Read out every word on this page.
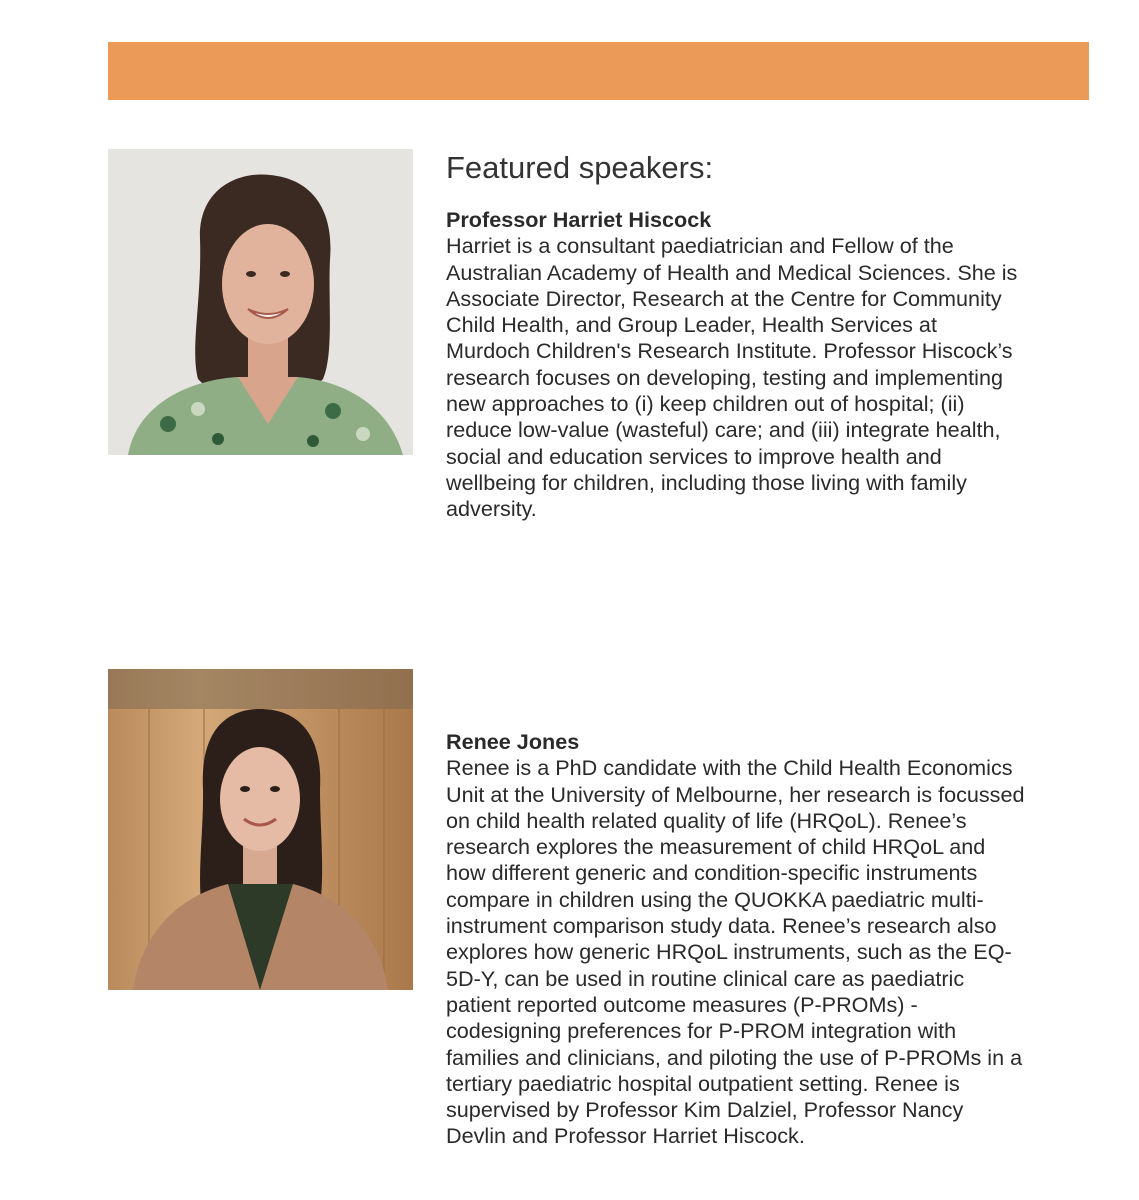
Featured speakers:
Professor Harriet Hiscock
Harriet is a consultant paediatrician and Fellow of the
Australian Academy of Health and Medical Sciences. She is
Associate Director, Research at the Centre for Community
Child Health, and Group Leader, Health Services at
Murdoch Children's Research Institute. Professor Hiscock’s
research focuses on developing, testing and implementing
new approaches to (i) keep children out of hospital; (ii)
reduce low-value (wasteful) care; and (iii) integrate health,
social and education services to improve health and
wellbeing for children, including those living with family
adversity.
Renee Jones
Renee is a PhD candidate with the Child Health Economics
Unit at the University of Melbourne, her research is focussed
on child health related quality of life (HRQoL). Renee’s
research explores the measurement of child HRQoL and
how different generic and condition-specific instruments
compare in children using the QUOKKA paediatric multi-
instrument comparison study data. Renee’s research also
explores how generic HRQoL instruments, such as the EQ-
5D-Y, can be used in routine clinical care as paediatric
patient reported outcome measures (P-PROMs) -
codesigning preferences for P-PROM integration with
families and clinicians, and piloting the use of P-PROMs in a
tertiary paediatric hospital outpatient setting. Renee is
supervised by Professor Kim Dalziel, Professor Nancy
Devlin and Professor Harriet Hiscock.
